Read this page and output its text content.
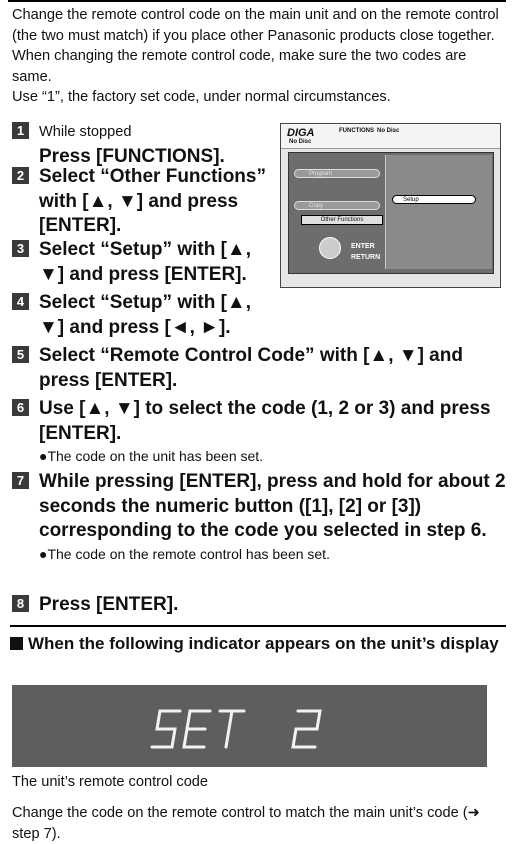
Change the remote control code on the main unit and on the remote control (the two must match) if you place other Panasonic products close together. When changing the remote control code, make sure the two codes are same.

Use “1”, the factory set code, under normal circumstances.

1	While stopped
Press [FUNCTIONS].
2 Select “Other Functions” with [▲, ▼] and press [ENTER].
3 Select “Setup” with [▲, ▼] and press [ENTER].
4 Select “Setup” with [▲, ▼] and press [◄, ►].
5 Select “Remote Control Code” with [▲, ▼] and press [ENTER].
6 Use [▲, ▼] to select the code (1, 2 or 3) and press [ENTER].
●The code on the unit has been set.
7 While pressing [ENTER], press and hold for about 2 seconds the numeric button ([1], [2] or [3]) corresponding to the code you selected in step 6.
●The code on the remote control has been set.
8 Press [ENTER].
DIGA	FUNCTIONS No Disc
No Disc
Program
Copy
Other Functions
ENTER
RETURN
Setup
When the following indicator appears on the unit’s display
The unit’s remote control code
Change the code on the remote control to match the main unit’s code (➜ step 7).
